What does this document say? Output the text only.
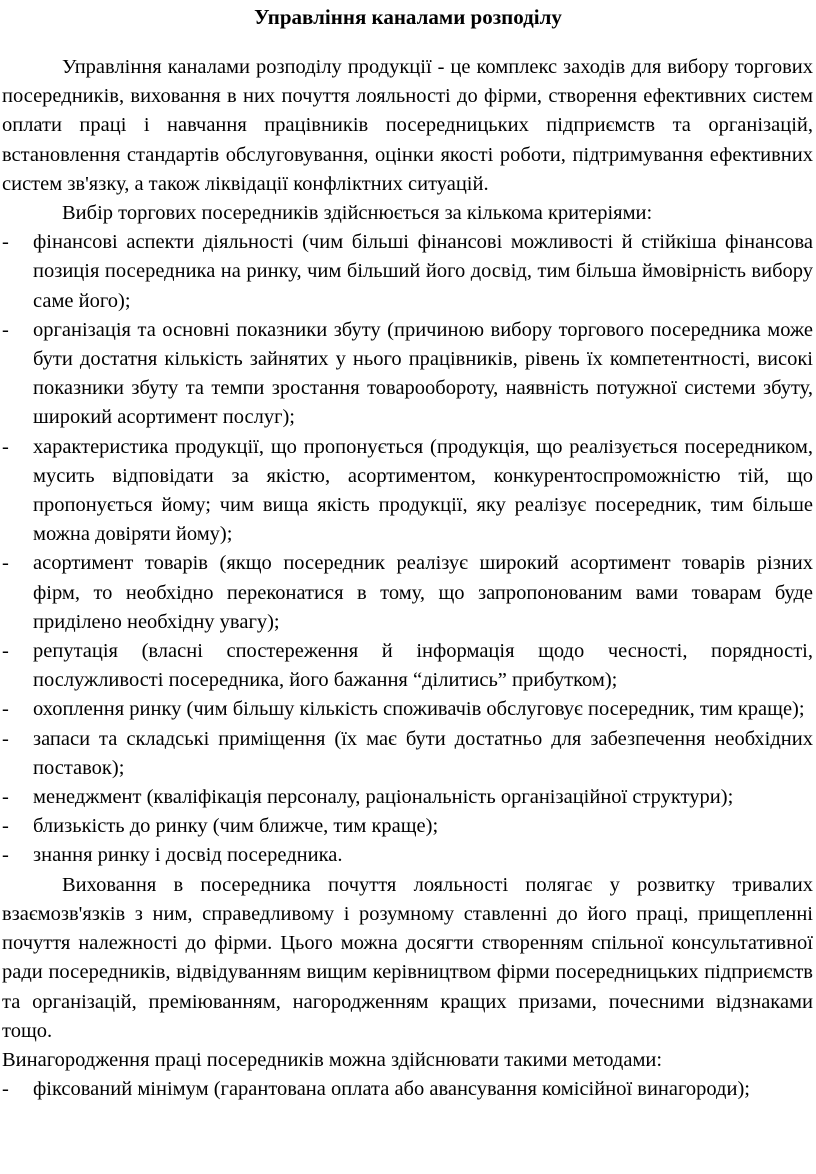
Управління каналами розподілу

Управління каналами розподілу продукції - це комплекс заходів для вибору торгових посередників, виховання в них почуття лояльності до фірми, створення ефективних систем оплати праці і навчання працівників посередницьких підприємств та організацій, встановлення стандартів обслуговування, оцінки якості роботи, підтримування ефективних систем зв'язку, а також ліквідації конфліктних ситуацій.

Вибір торгових посередників здійснюється за кількома критеріями:

- фінансові аспекти діяльності (чим більші фінансові можливості й стійкіша фінансова позиція посередника на ринку, чим більший його досвід, тим більша ймовірність вибору саме його);
- організація та основні показники збуту (причиною вибору торгового посередника може бути достатня кількість зайнятих у нього працівників, рівень їх компетентності, високі показники збуту та темпи зростання товарообороту, наявність потужної системи збуту, широкий асортимент послуг);
- характеристика продукції, що пропонується (продукція, що реалізується посередником, мусить відповідати за якістю, асортиментом, конкурентоспроможністю тій, що пропонується йому; чим вища якість продукції, яку реалізує посередник, тим більше можна довіряти йому);
- асортимент товарів (якщо посередник реалізує широкий асортимент товарів різних фірм, то необхідно переконатися в тому, що запропонованим вами товарам буде приділено необхідну увагу);
- репутація (власні спостереження й інформація щодо чесності, порядності, послужливості посередника, його бажання “ділитись” прибутком);
- охоплення ринку (чим більшу кількість споживачів обслуговує посередник, тим краще);
- запаси та складські приміщення (їх має бути достатньо для забезпечення необхідних поставок);
- менеджмент (кваліфікація персоналу, раціональність організаційної структури);
- близькість до ринку (чим ближче, тим краще);
- знання ринку і досвід посередника.

Виховання в посередника почуття лояльності полягає у розвитку тривалих взаємозв'язків з ним, справедливому і розумному ставленні до його праці, прищепленні почуття належності до фірми. Цього можна досягти створенням спільної консультативної ради посередників, відвідуванням вищим керівництвом фірми посередницьких підприємств та організацій, преміюванням, нагородженням кращих призами, почесними відзнаками тощо.

Винагородження праці посередників можна здійснювати такими методами:

- фіксований мінімум (гарантована оплата або авансування комісійної винагороди);
